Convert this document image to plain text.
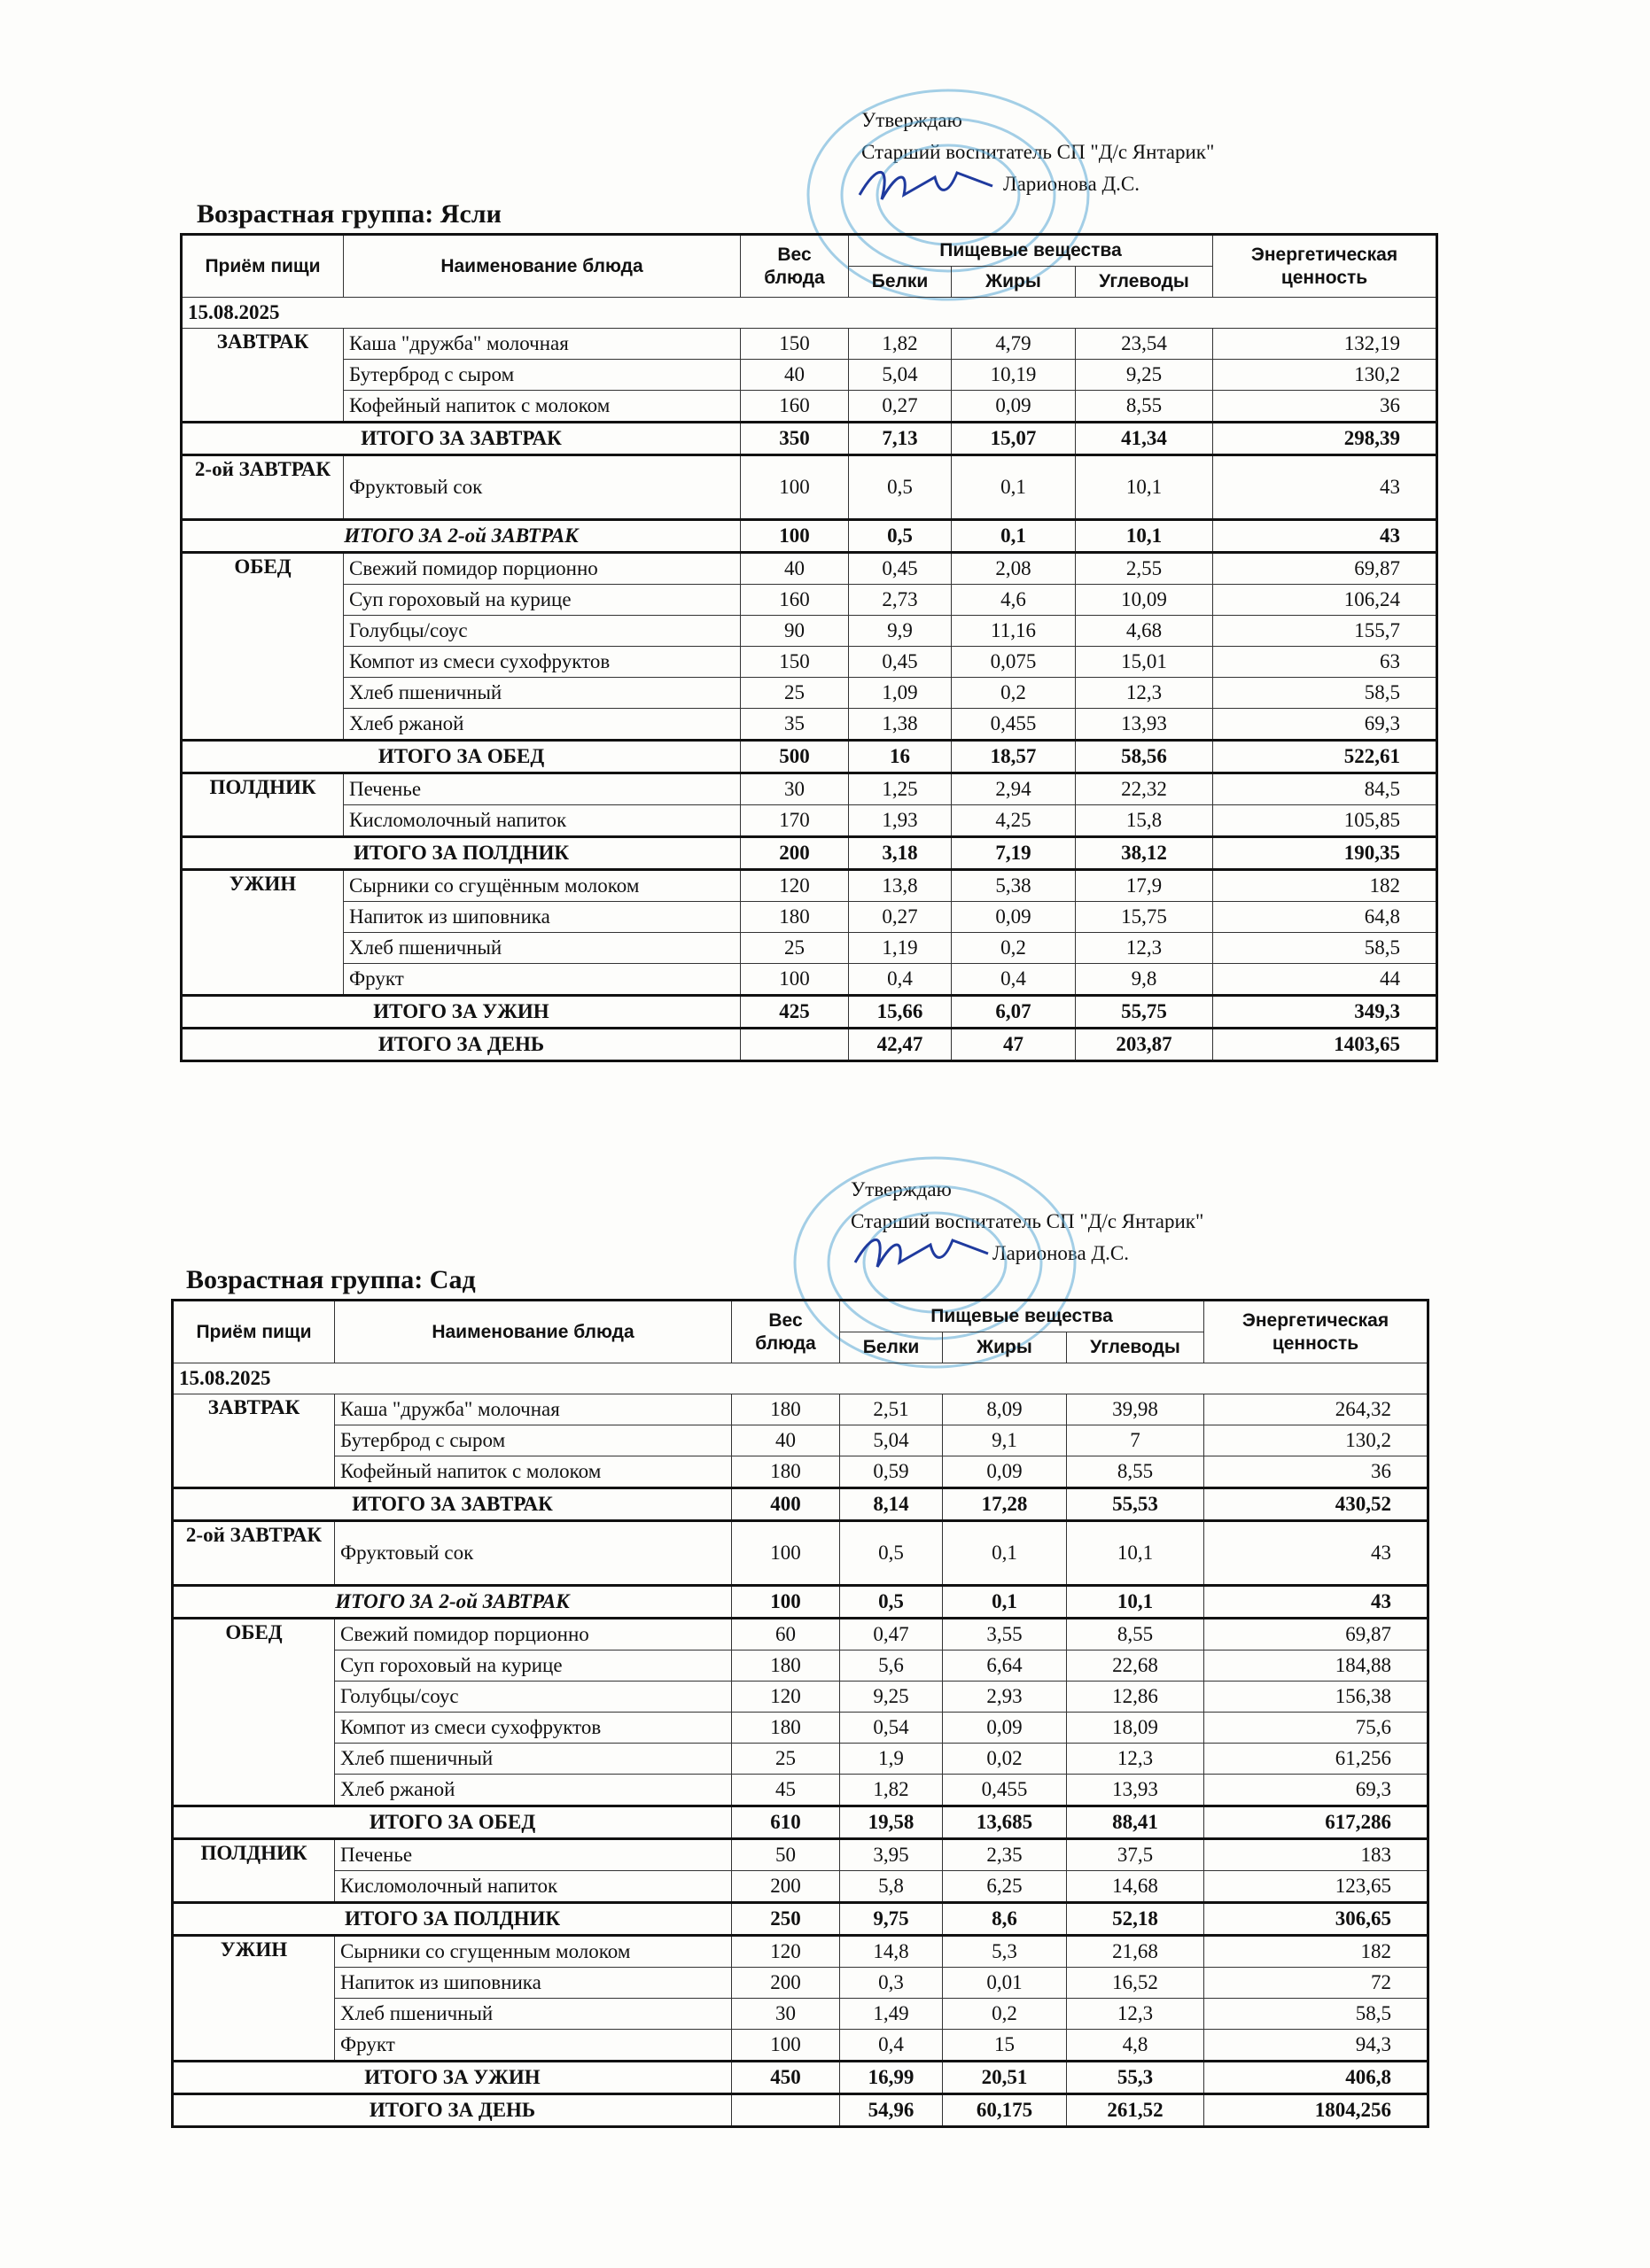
Утверждаю
Старший воспитатель СП "Д/с Янтарик"
Ларионова Д.С.
Возрастная группа: Ясли
Приём пищи	Наименование блюда	Вес блюда	Пищевые вещества			Энергетическая ценность
			Белки	Жиры	Углеводы	
15.08.2025						
ЗАВТРАК	Каша "дружба" молочная	150	1,82	4,79	23,54	132,19
	Бутерброд с сыром	40	5,04	10,19	9,25	130,2
	Кофейный напиток с молоком	160	0,27	0,09	8,55	36
ИТОГО ЗА ЗАВТРАК		350	7,13	15,07	41,34	298,39
2-ой ЗАВТРАК	Фруктовый сок	100	0,5	0,1	10,1	43
ИТОГО ЗА 2-ой ЗАВТРАК		100	0,5	0,1	10,1	43
ОБЕД	Свежий помидор порционно	40	0,45	2,08	2,55	69,87
	Суп гороховый на курице	160	2,73	4,6	10,09	106,24
	Голубцы/соус	90	9,9	11,16	4,68	155,7
	Компот из смеси сухофруктов	150	0,45	0,075	15,01	63
	Хлеб пшеничный	25	1,09	0,2	12,3	58,5
	Хлеб ржаной	35	1,38	0,455	13,93	69,3
ИТОГО ЗА ОБЕД		500	16	18,57	58,56	522,61
ПОЛДНИК	Печенье	30	1,25	2,94	22,32	84,5
	Кисломолочный напиток	170	1,93	4,25	15,8	105,85
ИТОГО ЗА ПОЛДНИК		200	3,18	7,19	38,12	190,35
УЖИН	Сырники со сгущённым молоком	120	13,8	5,38	17,9	182
	Напиток из шиповника	180	0,27	0,09	15,75	64,8
	Хлеб пшеничный	25	1,19	0,2	12,3	58,5
	Фрукт	100	0,4	0,4	9,8	44
ИТОГО ЗА УЖИН		425	15,66	6,07	55,75	349,3
ИТОГО ЗА ДЕНЬ			42,47	47	203,87	1403,65
Утверждаю
Старший воспитатель СП "Д/с Янтарик"
Ларионова Д.С.
Возрастная группа: Сад
Приём пищи	Наименование блюда	Вес блюда	Пищевые вещества			Энергетическая ценность
			Белки	Жиры	Углеводы	
15.08.2025						
ЗАВТРАК	Каша "дружба" молочная	180	2,51	8,09	39,98	264,32
	Бутерброд с сыром	40	5,04	9,1	7	130,2
	Кофейный напиток с молоком	180	0,59	0,09	8,55	36
ИТОГО ЗА ЗАВТРАК		400	8,14	17,28	55,53	430,52
2-ой ЗАВТРАК	Фруктовый сок	100	0,5	0,1	10,1	43
ИТОГО ЗА 2-ой ЗАВТРАК		100	0,5	0,1	10,1	43
ОБЕД	Свежий помидор порционно	60	0,47	3,55	8,55	69,87
	Суп гороховый на курице	180	5,6	6,64	22,68	184,88
	Голубцы/соус	120	9,25	2,93	12,86	156,38
	Компот из смеси сухофруктов	180	0,54	0,09	18,09	75,6
	Хлеб пшеничный	25	1,9	0,02	12,3	61,256
	Хлеб ржаной	45	1,82	0,455	13,93	69,3
ИТОГО ЗА ОБЕД		610	19,58	13,685	88,41	617,286
ПОЛДНИК	Печенье	50	3,95	2,35	37,5	183
	Кисломолочный напиток	200	5,8	6,25	14,68	123,65
ИТОГО ЗА ПОЛДНИК		250	9,75	8,6	52,18	306,65
УЖИН	Сырники со сгущенным молоком	120	14,8	5,3	21,68	182
	Напиток из шиповника	200	0,3	0,01	16,52	72
	Хлеб пшеничный	30	1,49	0,2	12,3	58,5
	Фрукт	100	0,4	15	4,8	94,3
ИТОГО ЗА УЖИН		450	16,99	20,51	55,3	406,8
ИТОГО ЗА ДЕНЬ			54,96	60,175	261,52	1804,256
